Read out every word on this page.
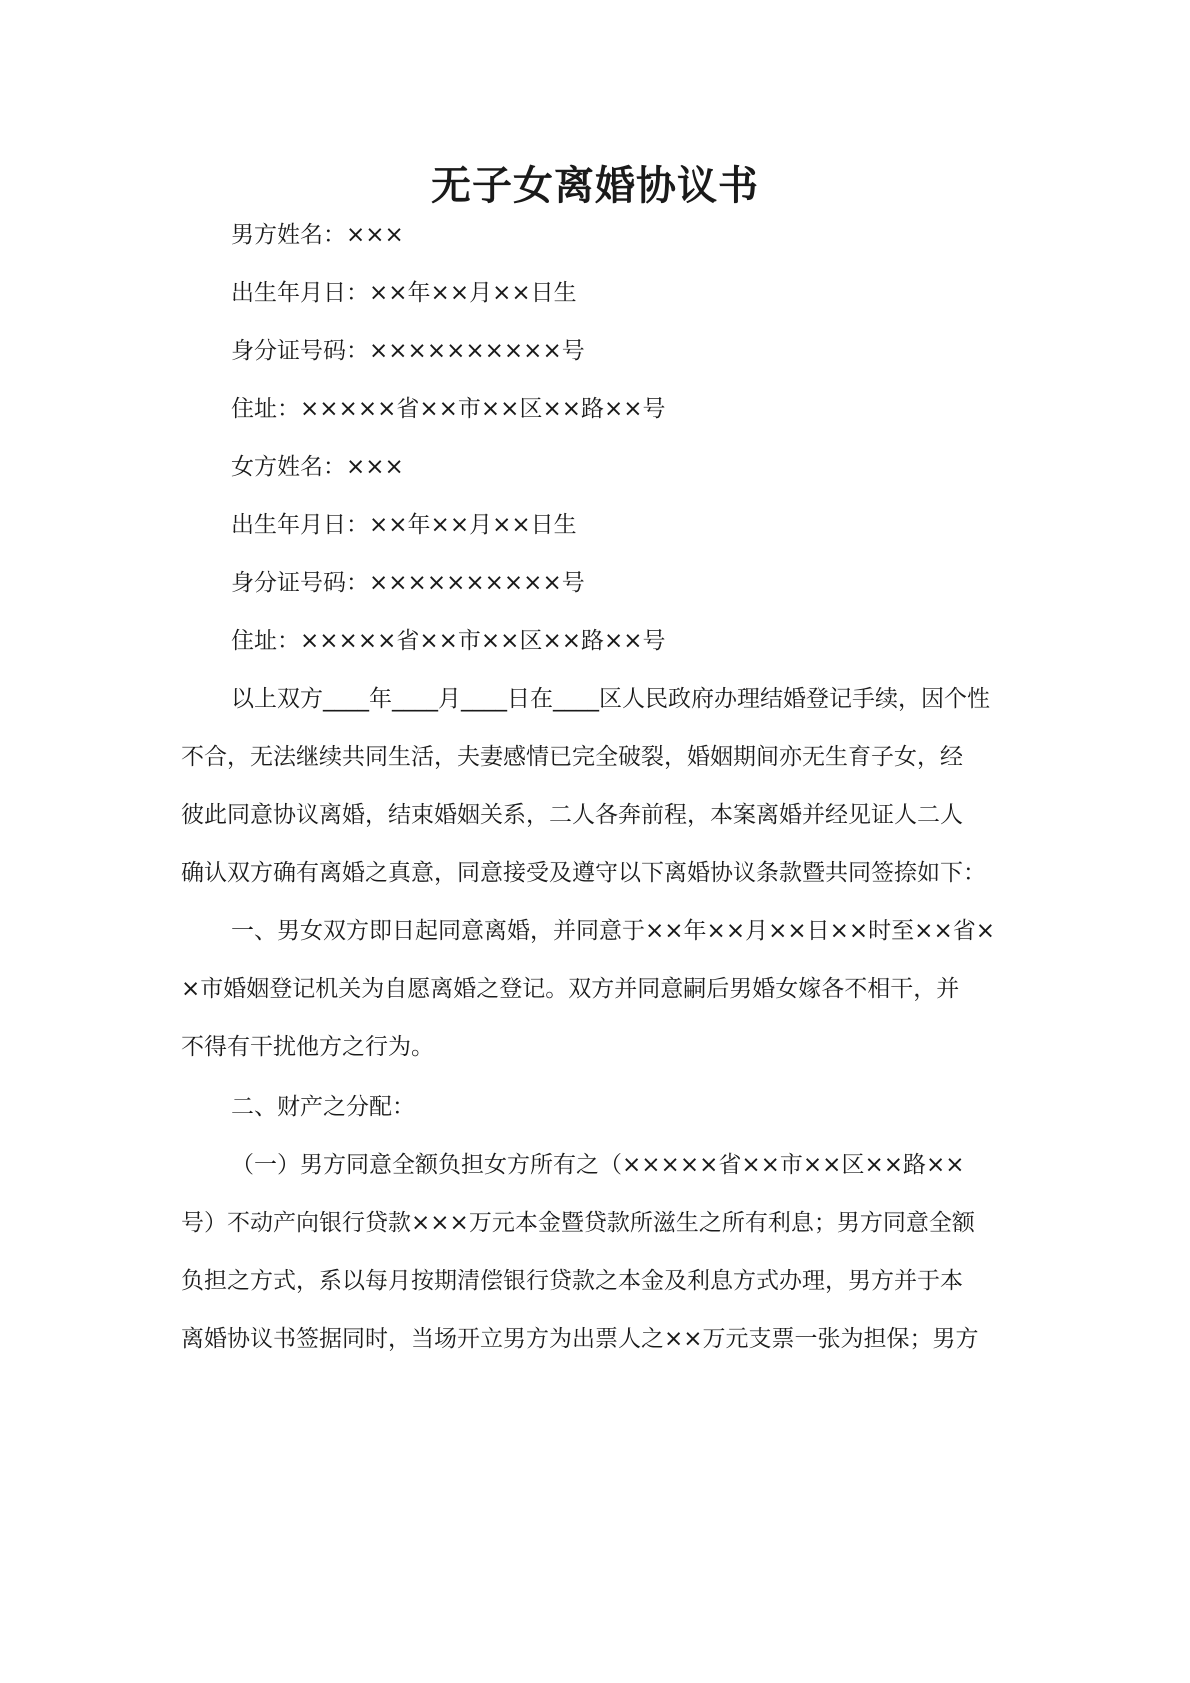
无子女离婚协议书

男方姓名：×××

出生年月日：××年××月××日生

身分证号码：××××××××××号

住址：×××××省××市××区××路××号

女方姓名：×××

出生年月日：××年××月××日生

身分证号码：××××××××××号

住址：×××××省××市××区××路××号

以上双方____年____月____日在____区人民政府办理结婚登记手续，因个性

不合，无法继续共同生活，夫妻感情已完全破裂，婚姻期间亦无生育子女，经

彼此同意协议离婚，结束婚姻关系，二人各奔前程，本案离婚并经见证人二人

确认双方确有离婚之真意，同意接受及遵守以下离婚协议条款暨共同签捺如下：

一、男女双方即日起同意离婚，并同意于××年××月××日××时至××省×

×市婚姻登记机关为自愿离婚之登记。双方并同意嗣后男婚女嫁各不相干，并

不得有干扰他方之行为。

二、财产之分配：

（一）男方同意全额负担女方所有之（×××××省××市××区××路××

号）不动产向银行贷款×××万元本金暨贷款所滋生之所有利息；男方同意全额

负担之方式，系以每月按期清偿银行贷款之本金及利息方式办理，男方并于本

离婚协议书签据同时，当场开立男方为出票人之××万元支票一张为担保；男方
